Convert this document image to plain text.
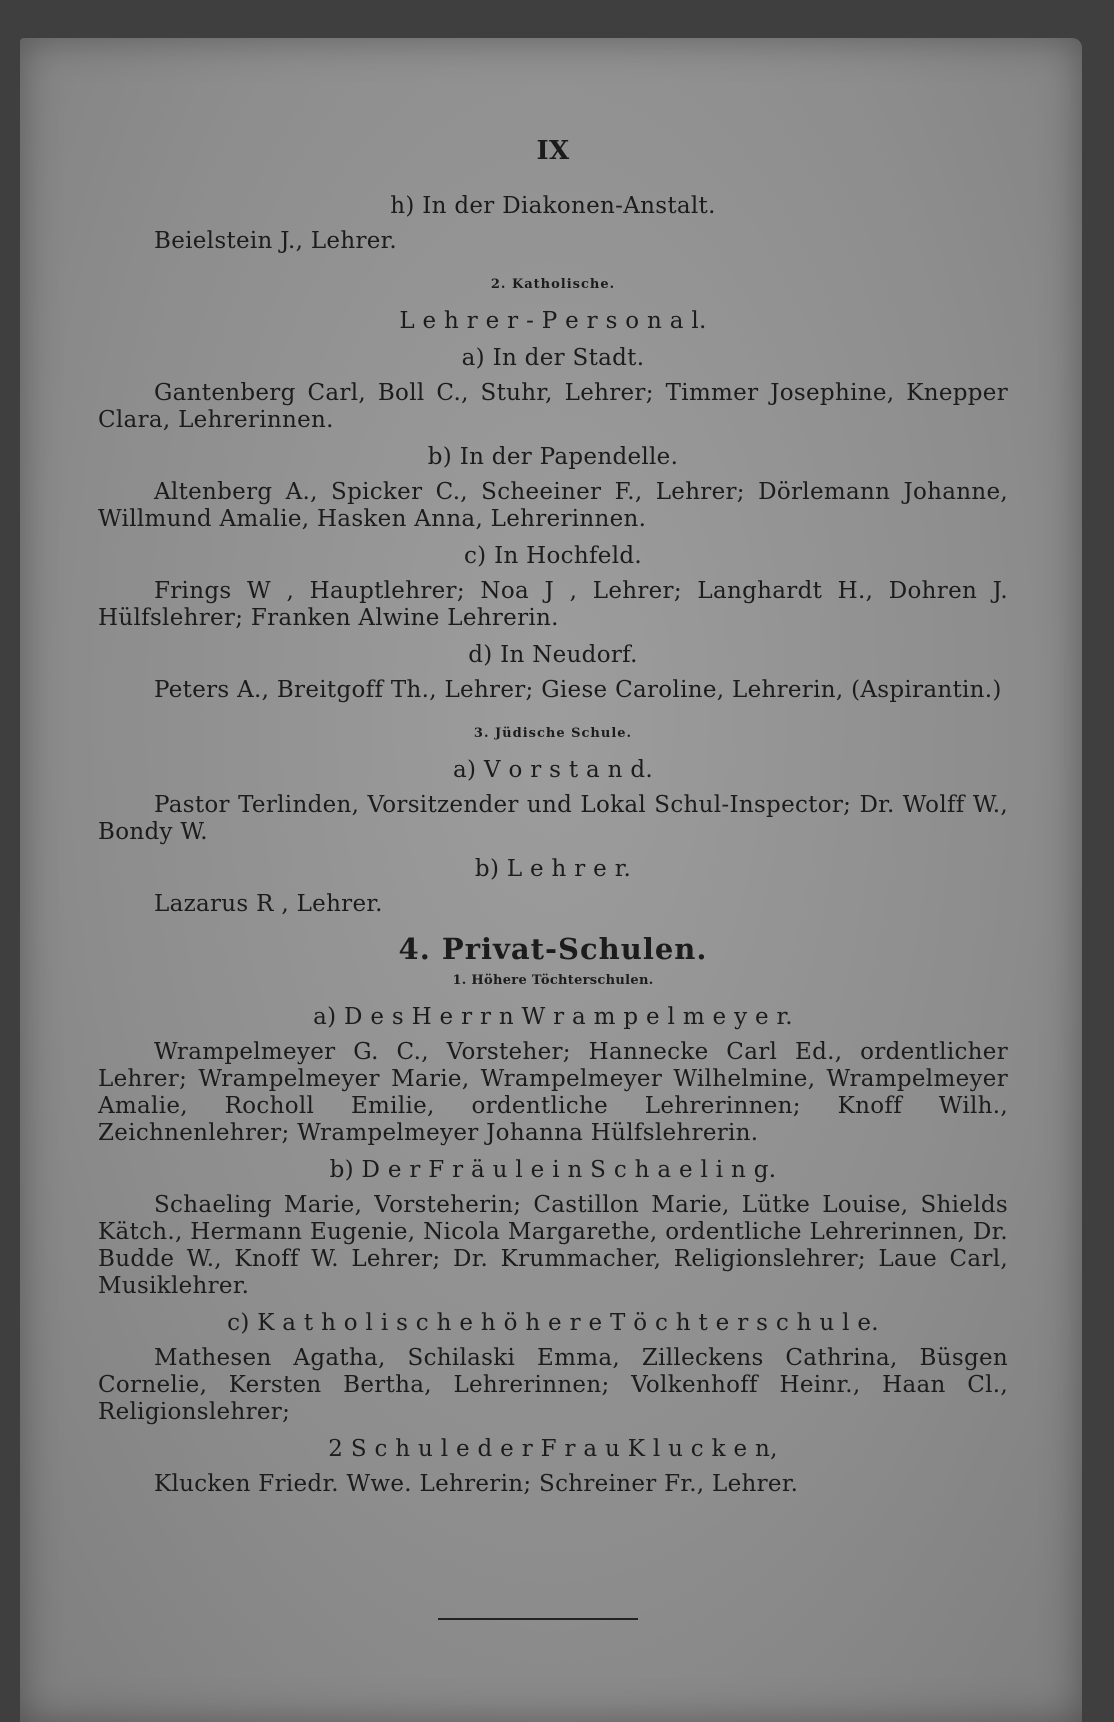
IX
h) In der Diakonen-Anstalt.
Beielstein J., Lehrer.
2. Katholische.
L e h r e r - P e r s o n a l.
a) In der Stadt.
Gantenberg Carl, Boll C., Stuhr, Lehrer; Timmer Josephine, Knepper Clara, Lehrerinnen.
b) In der Papendelle.
Altenberg A., Spicker C., Scheeiner F., Lehrer; Dörlemann Johanne, Willmund Amalie, Hasken Anna, Lehrerinnen.
c) In Hochfeld.
Frings W , Hauptlehrer; Noa J , Lehrer; Langhardt H., Dohren J. Hülfslehrer; Franken Alwine Lehrerin.
d) In Neudorf.
Peters A., Breitgoff Th., Lehrer; Giese Caroline, Lehrerin, (Aspirantin.)
3. Jüdische Schule.
a) V o r s t a n d.
Pastor Terlinden, Vorsitzender und Lokal Schul-Inspector; Dr. Wolff W., Bondy W.
b) L e h r e r.
Lazarus R , Lehrer.
4. Privat-Schulen.
1. Höhere Töchterschulen.
a) D e s H e r r n W r a m p e l m e y e r.
Wrampelmeyer G. C., Vorsteher; Hannecke Carl Ed., ordentlicher Lehrer; Wrampelmeyer Marie, Wrampelmeyer Wilhelmine, Wrampelmeyer Amalie, Rocholl Emilie, ordentliche Lehrerinnen; Knoff Wilh., Zeichnenlehrer; Wrampelmeyer Johanna Hülfslehrerin.
b) D e r F r ä u l e i n S c h a e l i n g.
Schaeling Marie, Vorsteherin; Castillon Marie, Lütke Louise, Shields Kätch., Hermann Eugenie, Nicola Margarethe, ordentliche Lehrerinnen, Dr. Budde W., Knoff W. Lehrer; Dr. Krummacher, Religionslehrer; Laue Carl, Musiklehrer.
c) K a t h o l i s c h e h ö h e r e T ö c h t e r s c h u l e.
Mathesen Agatha, Schilaski Emma, Zilleckens Cathrina, Büsgen Cornelie, Kersten Bertha, Lehrerinnen; Volkenhoff Heinr., Haan Cl., Religionslehrer;
2 S c h u l e d e r F r a u K l u c k e n,
Klucken Friedr. Wwe. Lehrerin; Schreiner Fr., Lehrer.
